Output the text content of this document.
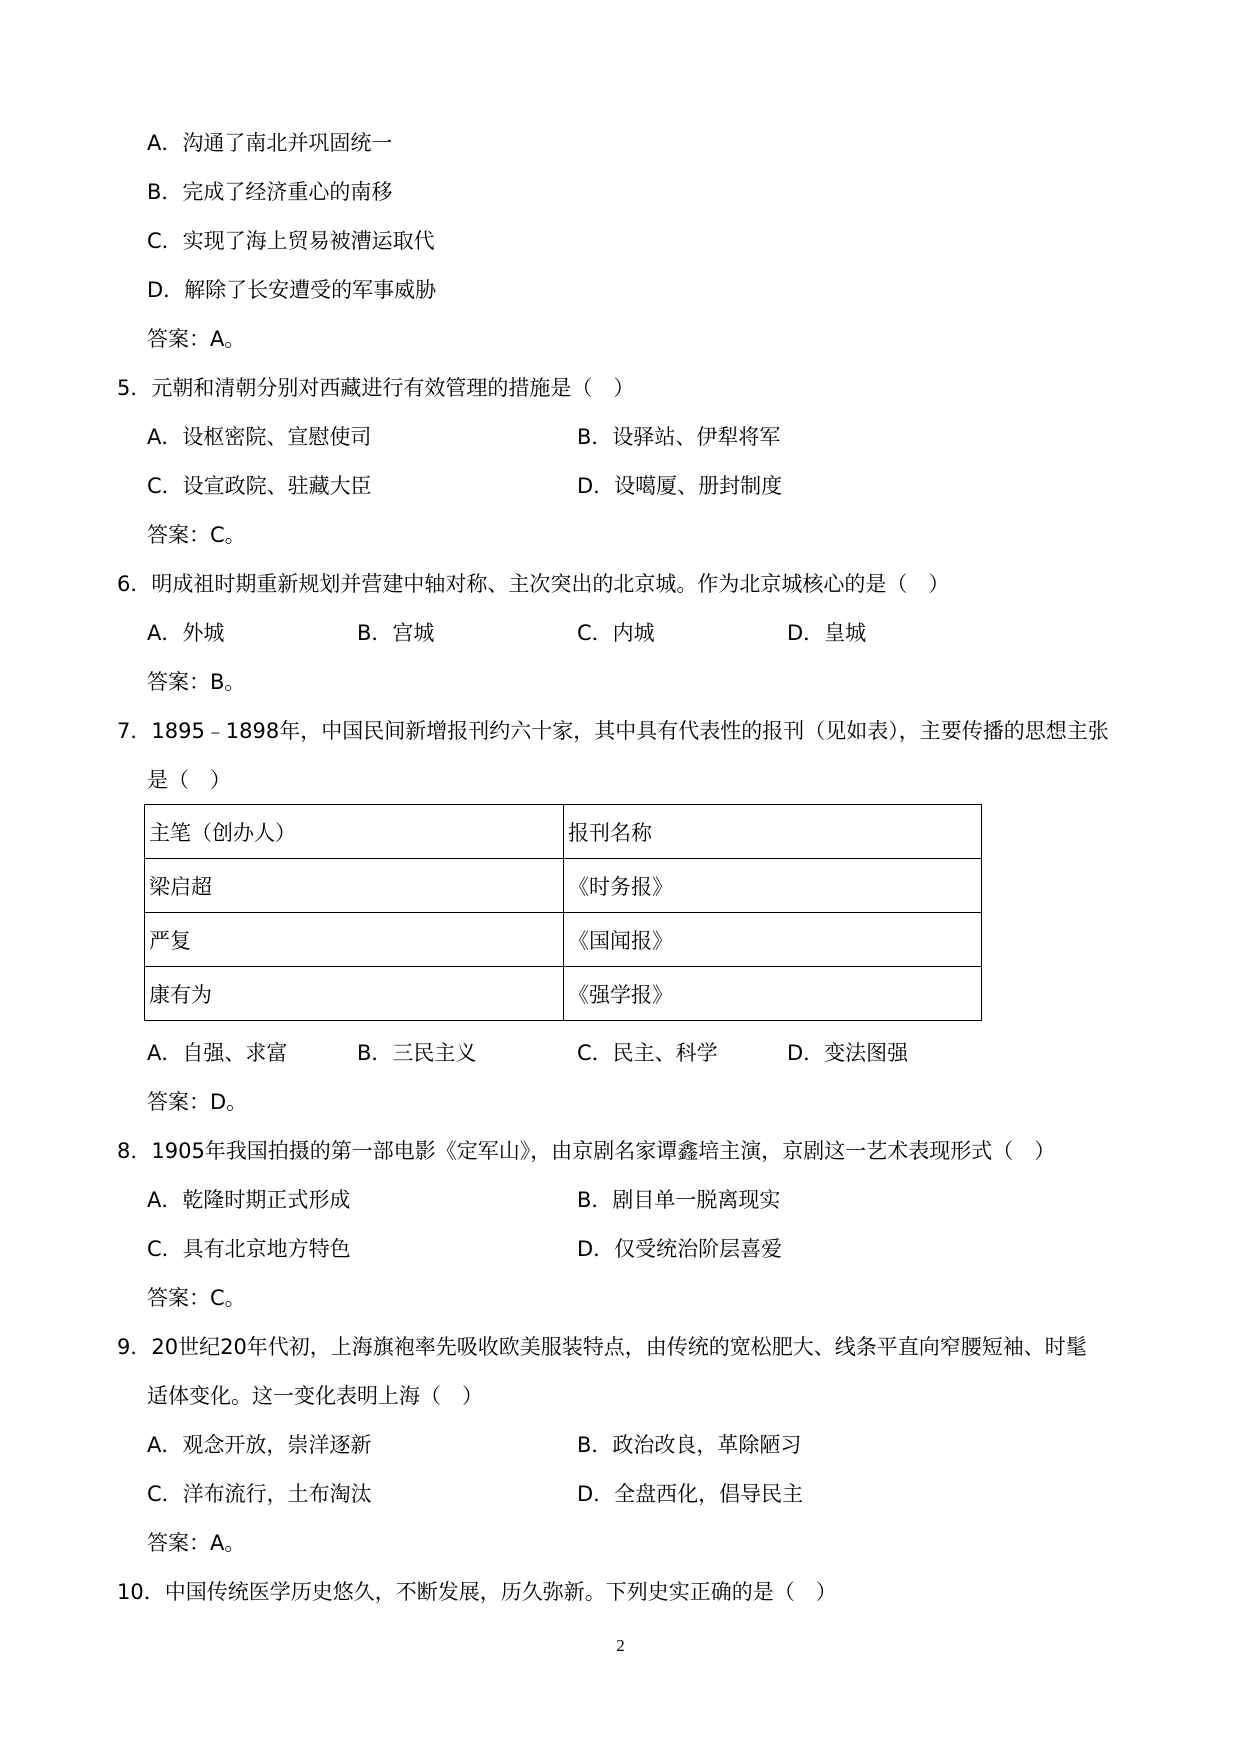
A．沟通了南北并巩固统一
B．完成了经济重心的南移
C．实现了海上贸易被漕运取代
D．解除了长安遭受的军事威胁
答案：A。
5．元朝和清朝分别对西藏进行有效管理的措施是（　）
A．设枢密院、宣慰使司	B．设驿站、伊犁将军
C．设宣政院、驻藏大臣	D．设噶厦、册封制度
答案：C。
6．明成祖时期重新规划并营建中轴对称、主次突出的北京城。作为北京城核心的是（　）
A．外城	B．宫城	C．内城	D．皇城
答案：B。
7．1895﹣1898年，中国民间新增报刊约六十家，其中具有代表性的报刊（见如表），主要传播的思想主张
是（　）
主笔（创办人）	报刊名称
梁启超	《时务报》
严复	《国闻报》
康有为	《强学报》
A．自强、求富	B．三民主义	C．民主、科学	D．变法图强
答案：D。
8．1905年我国拍摄的第一部电影《定军山》，由京剧名家谭鑫培主演，京剧这一艺术表现形式（　）
A．乾隆时期正式形成	B．剧目单一脱离现实
C．具有北京地方特色	D．仅受统治阶层喜爱
答案：C。
9．20世纪20年代初，上海旗袍率先吸收欧美服装特点，由传统的宽松肥大、线条平直向窄腰短袖、时髦
适体变化。这一变化表明上海（　）
A．观念开放，崇洋逐新	B．政治改良，革除陋习
C．洋布流行，土布淘汰	D．全盘西化，倡导民主
答案：A。
10．中国传统医学历史悠久，不断发展，历久弥新。下列史实正确的是（　）
2
